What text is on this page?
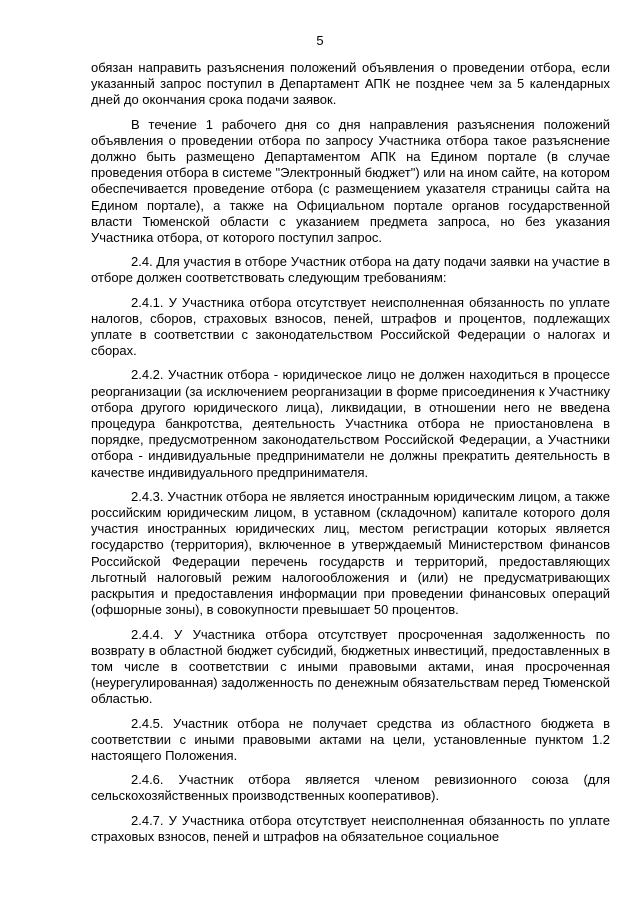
5

обязан направить разъяснения положений объявления о проведении отбора, если указанный запрос поступил в Департамент АПК не позднее чем за 5 календарных дней до окончания срока подачи заявок.

В течение 1 рабочего дня со дня направления разъяснения положений объявления о проведении отбора по запросу Участника отбора такое разъяснение должно быть размещено Департаментом АПК на Едином портале (в случае проведения отбора в системе "Электронный бюджет") или на ином сайте, на котором обеспечивается проведение отбора (с размещением указателя страницы сайта на Едином портале), а также на Официальном портале органов государственной власти Тюменской области с указанием предмета запроса, но без указания Участника отбора, от которого поступил запрос.

2.4. Для участия в отборе Участник отбора на дату подачи заявки на участие в отборе должен соответствовать следующим требованиям:

2.4.1. У Участника отбора отсутствует неисполненная обязанность по уплате налогов, сборов, страховых взносов, пеней, штрафов и процентов, подлежащих уплате в соответствии с законодательством Российской Федерации о налогах и сборах.

2.4.2. Участник отбора - юридическое лицо не должен находиться в процессе реорганизации (за исключением реорганизации в форме присоединения к Участнику отбора другого юридического лица), ликвидации, в отношении него не введена процедура банкротства, деятельность Участника отбора не приостановлена в порядке, предусмотренном законодательством Российской Федерации, а Участники отбора - индивидуальные предприниматели не должны прекратить деятельность в качестве индивидуального предпринимателя.

2.4.3. Участник отбора не является иностранным юридическим лицом, а также российским юридическим лицом, в уставном (складочном) капитале которого доля участия иностранных юридических лиц, местом регистрации которых является государство (территория), включенное в утверждаемый Министерством финансов Российской Федерации перечень государств и территорий, предоставляющих льготный налоговый режим налогообложения и (или) не предусматривающих раскрытия и предоставления информации при проведении финансовых операций (офшорные зоны), в совокупности превышает 50 процентов.

2.4.4. У Участника отбора отсутствует просроченная задолженность по возврату в областной бюджет субсидий, бюджетных инвестиций, предоставленных в том числе в соответствии с иными правовыми актами, иная просроченная (неурегулированная) задолженность по денежным обязательствам перед Тюменской областью.

2.4.5. Участник отбора не получает средства из областного бюджета в соответствии с иными правовыми актами на цели, установленные пунктом 1.2 настоящего Положения.

2.4.6. Участник отбора является членом ревизионного союза (для сельскохозяйственных производственных кооперативов).

2.4.7. У Участника отбора отсутствует неисполненная обязанность по уплате страховых взносов, пеней и штрафов на обязательное социальное
